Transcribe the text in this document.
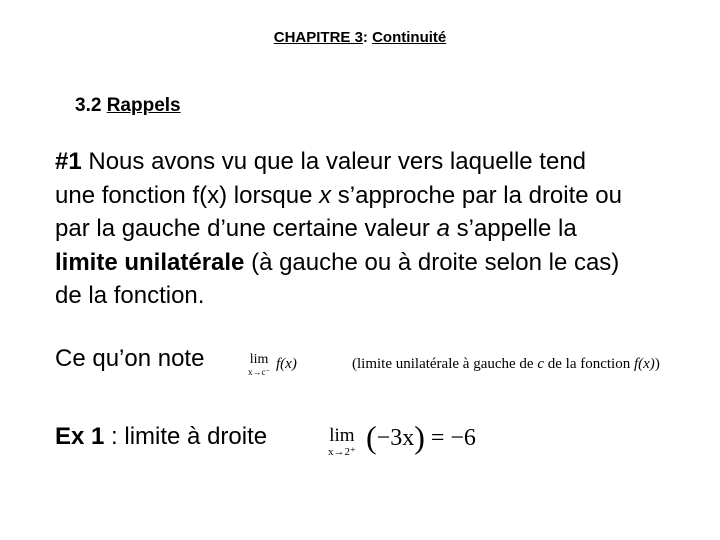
CHAPITRE 3: Continuité
3.2 Rappels
#1 Nous avons vu que la valeur vers laquelle tend
une fonction f(x) lorsque x s’approche par la droite ou
par la gauche d’une certaine valeur a s’appelle la
limite unilatérale (à gauche ou à droite selon le cas)
de la fonction.
Ce qu’on note	lim
x→c⁻ f(x)	(limite unilatérale à gauche de c de la fonction f(x))
Ex 1 : limite à droite	lim
x→2⁺ (−3x) = −6
